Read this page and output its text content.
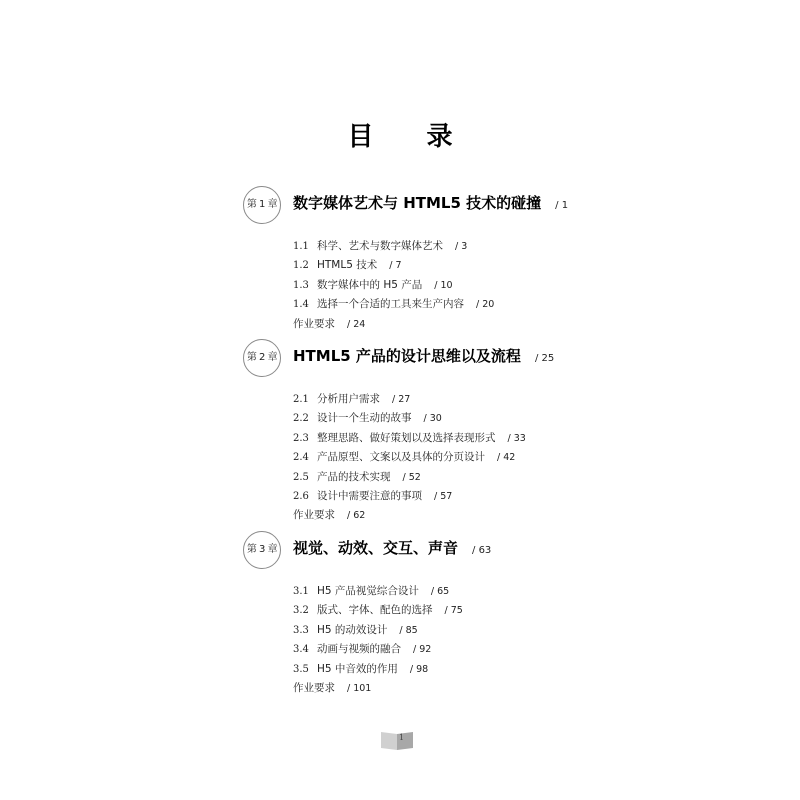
目 录
第 1 章 数字媒体艺术与 HTML5 技术的碰撞 / 1
1.1 科学、艺术与数字媒体艺术 / 3
1.2 HTML5 技术 / 7
1.3 数字媒体中的 H5 产品 / 10
1.4 选择一个合适的工具来生产内容 / 20
作业要求 / 24
第 2 章 HTML5 产品的设计思维以及流程 / 25
2.1 分析用户需求 / 27
2.2 设计一个生动的故事 / 30
2.3 整理思路、做好策划以及选择表现形式 / 33
2.4 产品原型、文案以及具体的分页设计 / 42
2.5 产品的技术实现 / 52
2.6 设计中需要注意的事项 / 57
作业要求 / 62
第 3 章 视觉、动效、交互、声音 / 63
3.1 H5 产品视觉综合设计 / 65
3.2 版式、字体、配色的选择 / 75
3.3 H5 的动效设计 / 85
3.4 动画与视频的融合 / 92
3.5 H5 中音效的作用 / 98
作业要求 / 101
1
